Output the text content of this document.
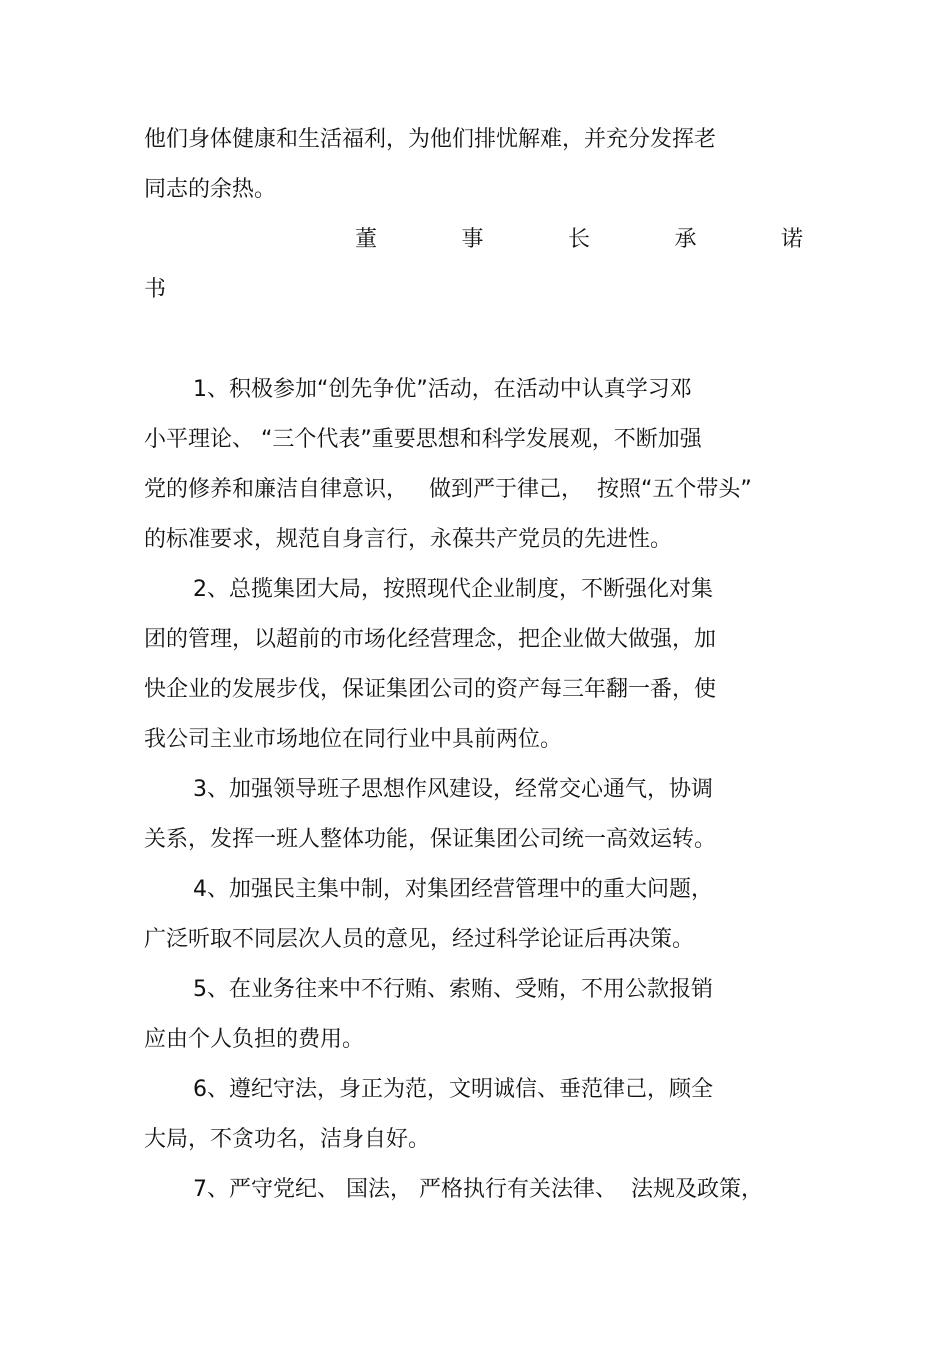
他们身体健康和生活福利，为他们排忧解难，并充分发挥老
同志的余热。
董	事	长	承	诺
书
1、积极参加“创先争优”活动，在活动中认真学习邓
小平理论、 “三个代表”重要思想和科学发展观，不断加强
党的修养和廉洁自律意识，   做到严于律己，  按照“五个带头”
的标准要求，规范自身言行，永葆共产党员的先进性。
2、总揽集团大局，按照现代企业制度，不断强化对集
团的管理，以超前的市场化经营理念，把企业做大做强，加
快企业的发展步伐，保证集团公司的资产每三年翻一番，使
我公司主业市场地位在同行业中具前两位。
3、加强领导班子思想作风建设，经常交心通气，协调
关系，发挥一班人整体功能，保证集团公司统一高效运转。
4、加强民主集中制，对集团经营管理中的重大问题，
广泛听取不同层次人员的意见，经过科学论证后再决策。
5、在业务往来中不行贿、索贿、受贿，不用公款报销
应由个人负担的费用。
6、遵纪守法，身正为范，文明诚信、垂范律己，顾全
大局，不贪功名，洁身自好。
7、严守党纪、 国法， 严格执行有关法律、  法规及政策，
